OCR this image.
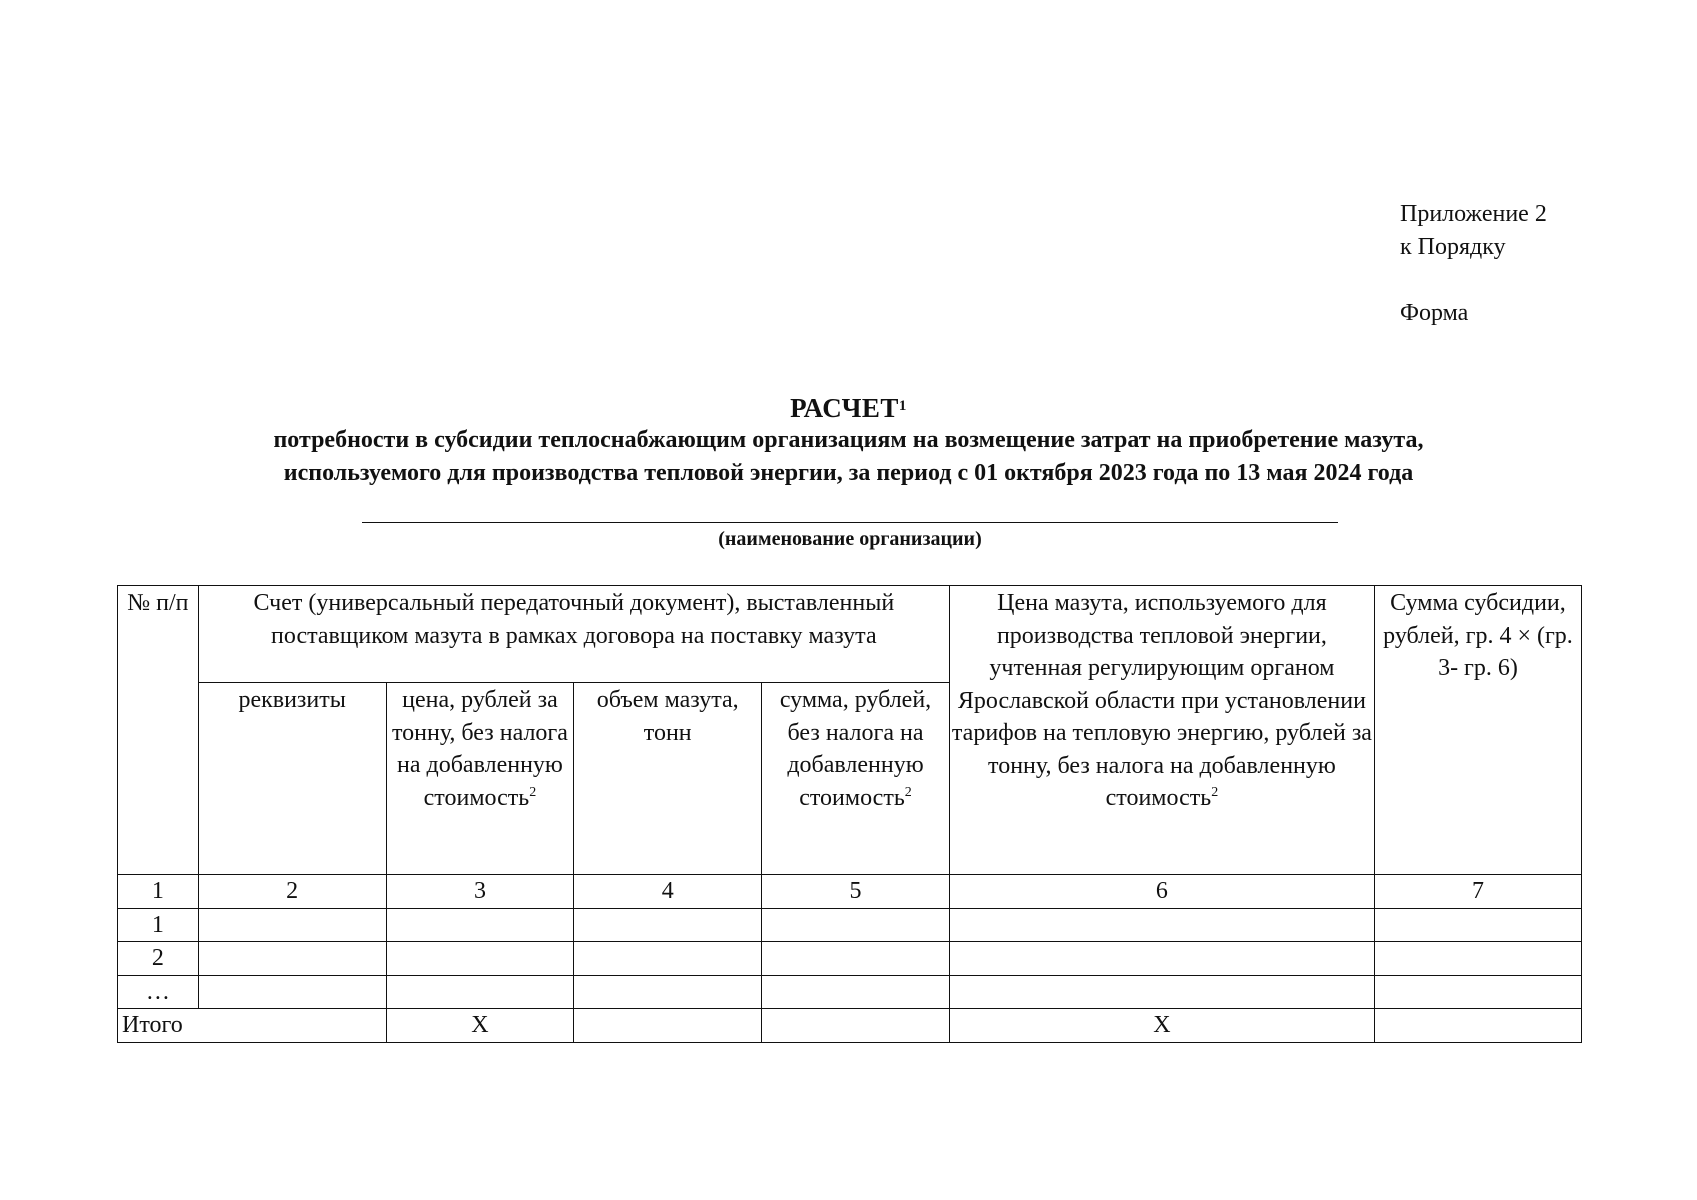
Приложение 2
к Порядку
Форма
РАСЧЕТ$^1$
потребности в субсидии теплоснабжающим организациям на возмещение затрат на приобретение мазута,
используемого для производства тепловой энергии, за период с 01 октября 2023 года по 13 мая 2024 года
(наименование организации)
№ п/п	Счет (универсальный передаточный документ), выставленный поставщиком мазута в рамках договора на поставку мазута				Цена мазута, используемого для производства тепловой энергии, учтенная регулирующим органом Ярославской области при установлении тарифов на тепловую энергию, рублей за тонну, без налога на добавленную стоимость$^2$	Сумма субсидии, рублей, гр. 4 × (гр. 3- гр. 6)
	реквизиты	цена, рублей за тонну, без налога на добавленную стоимость$^2$	объем мазута, тонн	сумма, рублей, без налога на добавленную стоимость$^2$
1	2	3	4	5	6	7
1						
2						
…						
Итого		Х			Х	
